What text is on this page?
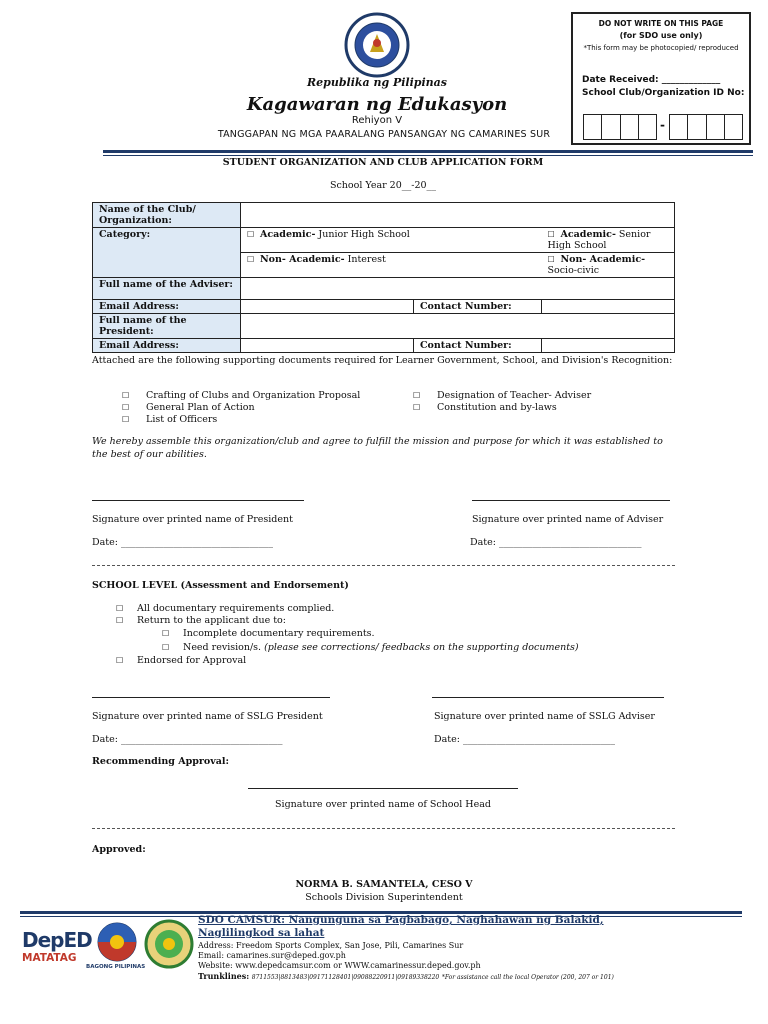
Republika ng Pilipinas
Kagawaran ng Edukasyon
Rehiyon V
TANGGAPAN NG MGA PAARALANG PANSANGAY NG CAMARINES SUR
DO NOT WRITE ON THIS PAGE
(for SDO use only)
*This form may be photocopied/ reproduced
Date Received: _____________
School Club/Organization ID No:
-
STUDENT ORGANIZATION AND CLUB APPLICATION FORM
School Year 20__-20__
Name of the Club/ Organization:			
Category:	☐ Academic- Junior High School		☐ Academic- Senior High School
	☐ Non- Academic- Interest		☐ Non- Academic- Socio-civic
Full name of the Adviser:			
Email Address:		Contact Number:	
Full name of the President:			
Email Address:		Contact Number:	
Attached are the following supporting documents required for Learner Government, School, and Division's Recognition:
☐ Crafting of Clubs and Organization Proposal
☐ General Plan of Action
☐ List of Officers
☐ Designation of Teacher- Adviser
☐ Constitution and by-laws
We hereby assemble this organization/club and agree to fulfill the mission and purpose for which it was established to the best of our abilities.
Signature over printed name of President	Signature over printed name of Adviser
Date: ________________________________	Date: ______________________________
SCHOOL LEVEL (Assessment and Endorsement)
☐ All documentary requirements complied.
☐ Return to the applicant due to:
☐ Incomplete documentary requirements.
☐ Need revision/s. (please see corrections/ feedbacks on the supporting documents)
☐ Endorsed for Approval
Signature over printed name of SSLG President	Signature over printed name of SSLG Adviser
Date: __________________________________	Date: ________________________________
Recommending Approval:
Signature over printed name of School Head
Approved:
NORMA B. SAMANTELA, CESO V
Schools Division Superintendent
DepED
MATATAG
BAGONG PILIPINAS
SDO CAMSUR: Nangunguna sa Pagbabago, Naghahawan ng Balakid, Naglilingkod sa lahat
Address: Freedom Sports Complex, San Jose, Pili, Camarines Sur
Email: camarines.sur@deped.gov.ph
Website: www.depedcamsur.com or WWW.camarinessur.deped.gov.ph
Trunklines: 8711553|8813483|09171128401|09088220911|09189338220 *For assistance call the local Operator (200, 207 or 101)
